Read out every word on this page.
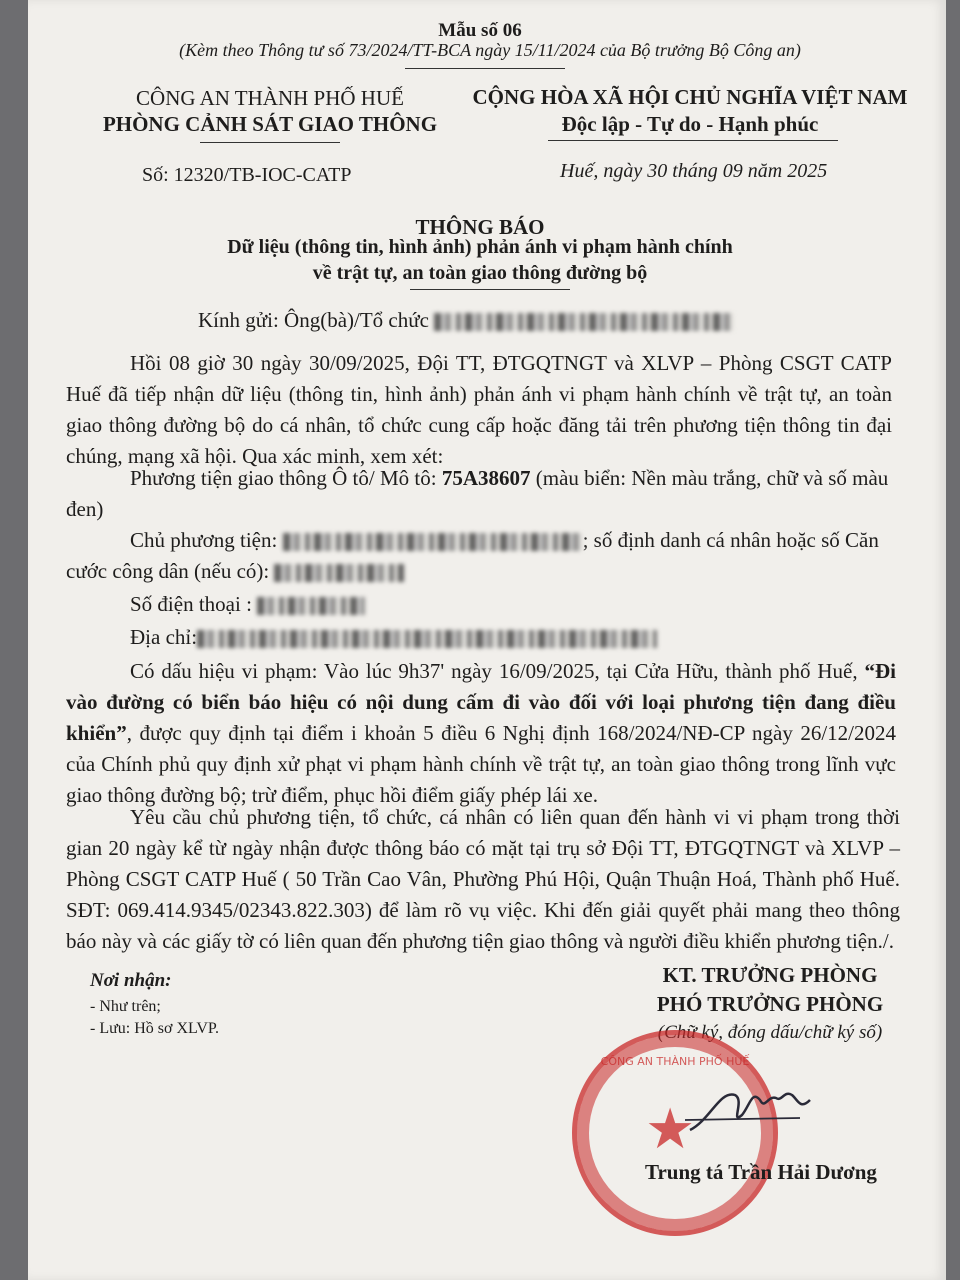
Mẫu số 06
(Kèm theo Thông tư số 73/2024/TT-BCA ngày 15/11/2024 của Bộ trưởng Bộ Công an)
CÔNG AN THÀNH PHỐ HUẾ
PHÒNG CẢNH SÁT GIAO THÔNG
CỘNG HÒA XÃ HỘI CHỦ NGHĨA VIỆT NAM
Độc lập - Tự do - Hạnh phúc
Số: 12320/TB-IOC-CATP	Huế, ngày 30 tháng 09 năm 2025
THÔNG BÁO
Dữ liệu (thông tin, hình ảnh) phản ánh vi phạm hành chính
về trật tự, an toàn giao thông đường bộ
Kính gửi: Ông(bà)/Tổ chức
Hồi 08 giờ 30 ngày 30/09/2025, Đội TT, ĐTGQTNGT và XLVP – Phòng CSGT CATP Huế đã tiếp nhận dữ liệu (thông tin, hình ảnh) phản ánh vi phạm hành chính về trật tự, an toàn giao thông đường bộ do cá nhân, tổ chức cung cấp hoặc đăng tải trên phương tiện thông tin đại chúng, mạng xã hội. Qua xác minh, xem xét:
Phương tiện giao thông Ô tô/ Mô tô: 75A38607 (màu biển: Nền màu trắng, chữ và số màu đen)
Chủ phương tiện:	; số định danh cá nhân hoặc số Căn cước công dân (nếu có):
Số điện thoại :
Địa chỉ:
Có dấu hiệu vi phạm: Vào lúc 9h37' ngày 16/09/2025, tại Cửa Hữu, thành phố Huế, “Đi vào đường có biển báo hiệu có nội dung cấm đi vào đối với loại phương tiện đang điều khiển”, được quy định tại điểm i khoản 5 điều 6 Nghị định 168/2024/NĐ-CP ngày 26/12/2024 của Chính phủ quy định xử phạt vi phạm hành chính về trật tự, an toàn giao thông trong lĩnh vực giao thông đường bộ; trừ điểm, phục hồi điểm giấy phép lái xe.
Yêu cầu chủ phương tiện, tổ chức, cá nhân có liên quan đến hành vi vi phạm trong thời gian 20 ngày kể từ ngày nhận được thông báo có mặt tại trụ sở Đội TT, ĐTGQTNGT và XLVP – Phòng CSGT CATP Huế ( 50 Trần Cao Vân, Phường Phú Hội, Quận Thuận Hoá, Thành phố Huế. SĐT: 069.414.9345/02343.822.303) để làm rõ vụ việc. Khi đến giải quyết phải mang theo thông báo này và các giấy tờ có liên quan đến phương tiện giao thông và người điều khiển phương tiện./.
Nơi nhận:
- Như trên;
- Lưu: Hồ sơ XLVP.
KT. TRƯỞNG PHÒNG
PHÓ TRƯỞNG PHÒNG
(Chữ ký, đóng dấu/chữ ký số)
CÔNG AN THÀNH PHỐ HUẾ
★
Trung tá Trần Hải Dương
